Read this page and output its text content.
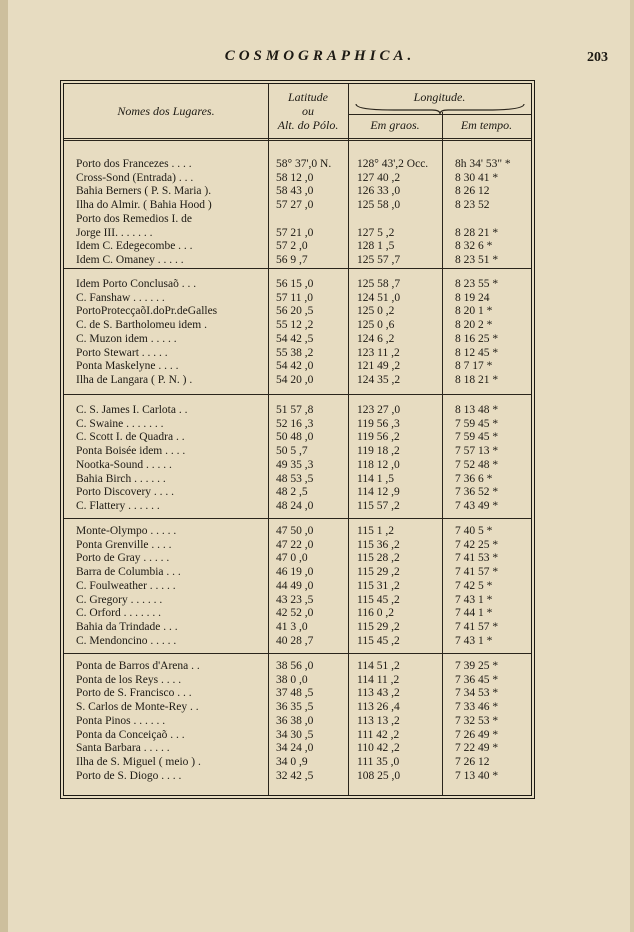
COSMOGRAPHICA.	203
Nomes dos Lugares.
Latitude
ou
Alt. do Pólo.
Longitude.
Em graos.	Em tempo.
Porto dos Francezes . . . .	58° 37',0 N.	128° 43',2 Occ.	8h 34' 53" *
Cross-Sond (Entrada) . . .	58 12 ,0	127 40 ,2	8 30 41 *
Bahia Berners ( P. S. Maria ).	58 43 ,0	126 33 ,0	8 26 12
Ilha do Almir. ( Bahia Hood )	57 27 ,0	125 58 ,0	8 23 52
Porto dos Remedios I. de
Jorge III. . . . . . .	57 21 ,0	127 5 ,2	8 28 21 *
Idem C. Edegecombe . . .	57 2 ,0	128 1 ,5	8 32 6 *
Idem C. Omaney . . . . .	56 9 ,7	125 57 ,7	8 23 51 *
Idem Porto Conclusaõ . . .	56 15 ,0	125 58 ,7	8 23 55 *
C. Fanshaw . . . . . .	57 11 ,0	124 51 ,0	8 19 24
PortoProtecçaõI.doPr.deGalles	56 20 ,5	125 0 ,2	8 20 1 *
C. de S. Bartholomeu idem .	55 12 ,2	125 0 ,6	8 20 2 *
C. Muzon idem . . . . .	54 42 ,5	124 6 ,2	8 16 25 *
Porto Stewart . . . . .	55 38 ,2	123 11 ,2	8 12 45 *
Ponta Maskelyne . . . .	54 42 ,0	121 49 ,2	8 7 17 *
Ilha de Langara ( P. N. ) .	54 20 ,0	124 35 ,2	8 18 21 *
C. S. James I. Carlota . .	51 57 ,8	123 27 ,0	8 13 48 *
C. Swaine . . . . . . .	52 16 ,3	119 56 ,3	7 59 45 *
C. Scott I. de Quadra . .	50 48 ,0	119 56 ,2	7 59 45 *
Ponta Boisée idem . . . .	50 5 ,7	119 18 ,2	7 57 13 *
Nootka-Sound . . . . .	49 35 ,3	118 12 ,0	7 52 48 *
Bahia Birch . . . . . .	48 53 ,5	114 1 ,5	7 36 6 *
Porto Discovery . . . .	48 2 ,5	114 12 ,9	7 36 52 *
C. Flattery . . . . . .	48 24 ,0	115 57 ,2	7 43 49 *
Monte-Olympo . . . . .	47 50 ,0	115 1 ,2	7 40 5 *
Ponta Grenville . . . .	47 22 ,0	115 36 ,2	7 42 25 *
Porto de Gray . . . . .	47 0 ,0	115 28 ,2	7 41 53 *
Barra de Columbia . . .	46 19 ,0	115 29 ,2	7 41 57 *
C. Foulweather . . . . .	44 49 ,0	115 31 ,2	7 42 5 *
C. Gregory . . . . . .	43 23 ,5	115 45 ,2	7 43 1 *
C. Orford . . . . . . .	42 52 ,0	116 0 ,2	7 44 1 *
Bahia da Trindade . . .	41 3 ,0	115 29 ,2	7 41 57 *
C. Mendoncino . . . . .	40 28 ,7	115 45 ,2	7 43 1 *
Ponta de Barros d'Arena . .	38 56 ,0	114 51 ,2	7 39 25 *
Ponta de los Reys . . . .	38 0 ,0	114 11 ,2	7 36 45 *
Porto de S. Francisco . . .	37 48 ,5	113 43 ,2	7 34 53 *
S. Carlos de Monte-Rey . .	36 35 ,5	113 26 ,4	7 33 46 *
Ponta Pinos . . . . . .	36 38 ,0	113 13 ,2	7 32 53 *
Ponta da Conceiçaõ . . .	34 30 ,5	111 42 ,2	7 26 49 *
Santa Barbara . . . . .	34 24 ,0	110 42 ,2	7 22 49 *
Ilha de S. Miguel ( meio ) .	34 0 ,9	111 35 ,0	7 26 12
Porto de S. Diogo . . . .	32 42 ,5	108 25 ,0	7 13 40 *
